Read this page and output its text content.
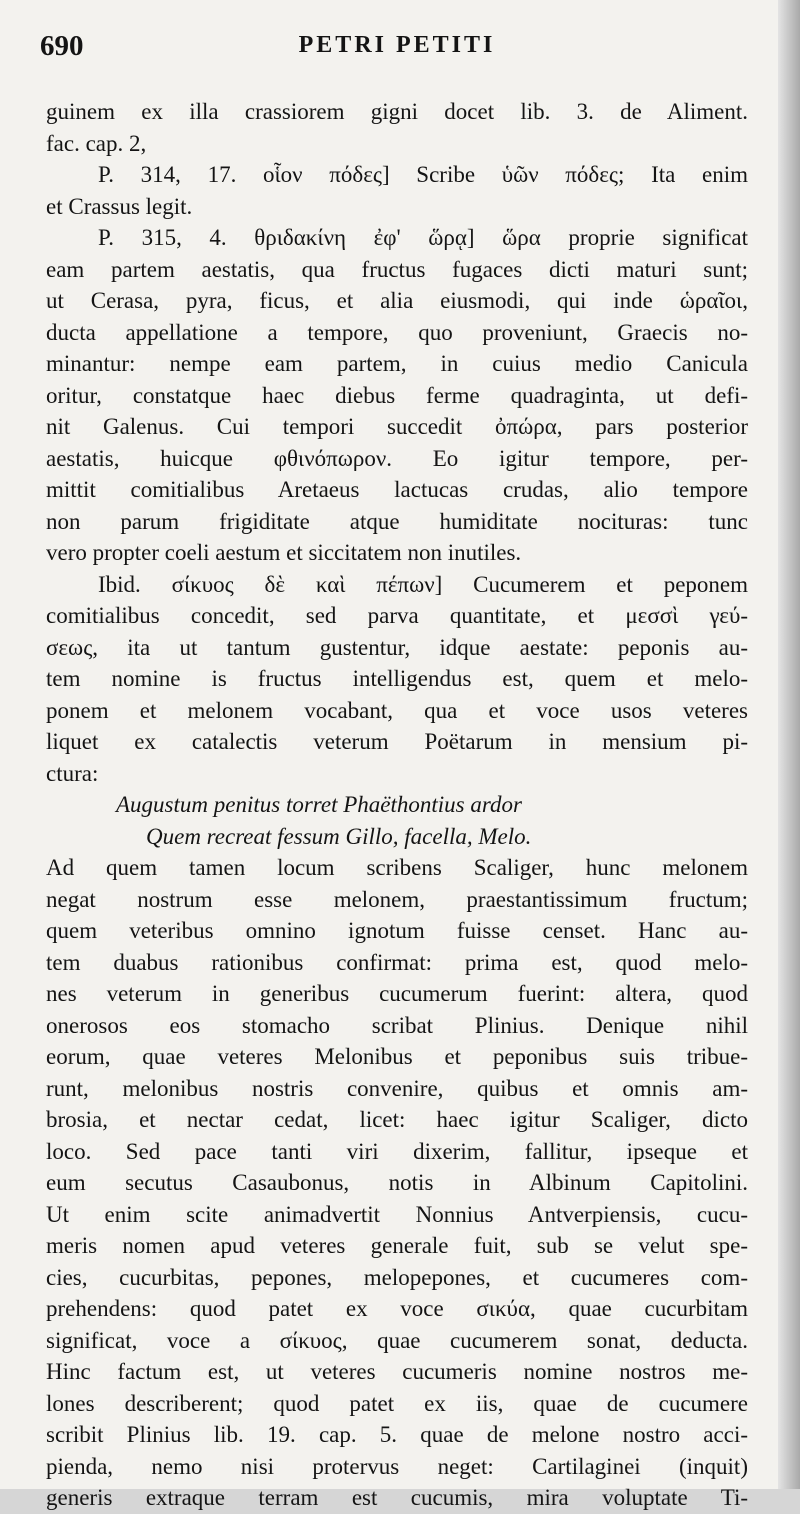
690	PETRI PETITI
guinem ex illa crassiorem gigni docet lib. 3. de Aliment.
fac. cap. 2,
P. 314, 17. οἷον πόδες] Scribe ὑῶν πόδες; Ita enim
et Crassus legit.
P. 315, 4. θριδακίνη ἐφ' ὥρᾳ] ὥρα proprie significat
eam partem aestatis, qua fructus fugaces dicti maturi sunt;
ut Cerasa, pyra, ficus, et alia eiusmodi, qui inde ὡραῖοι,
ducta appellatione a tempore, quo proveniunt, Graecis no-
minantur: nempe eam partem, in cuius medio Canicula
oritur, constatque haec diebus ferme quadraginta, ut defi-
nit Galenus. Cui tempori succedit ὀπώρα, pars posterior
aestatis, huicque φθινόπωρον. Eo igitur tempore, per-
mittit comitialibus Aretaeus lactucas crudas, alio tempore
non parum frigiditate atque humiditate nocituras: tunc
vero propter coeli aestum et siccitatem non inutiles.
Ibid. σίκυος δὲ καὶ πέπων] Cucumerem et peponem
comitialibus concedit, sed parva quantitate, et μεσσὶ γεύ-
σεως, ita ut tantum gustentur, idque aestate: peponis au-
tem nomine is fructus intelligendus est, quem et melo-
ponem et melonem vocabant, qua et voce usos veteres
liquet ex catalectis veterum Poëtarum in mensium pi-
ctura:
Augustum penitus torret Phaëthontius ardor
Quem recreat fessum Gillo, facella, Melo.
Ad quem tamen locum scribens Scaliger, hunc melonem
negat nostrum esse melonem, praestantissimum fructum;
quem veteribus omnino ignotum fuisse censet. Hanc au-
tem duabus rationibus confirmat: prima est, quod melo-
nes veterum in generibus cucumerum fuerint: altera, quod
onerosos eos stomacho scribat Plinius. Denique nihil
eorum, quae veteres Melonibus et peponibus suis tribue-
runt, melonibus nostris convenire, quibus et omnis am-
brosia, et nectar cedat, licet: haec igitur Scaliger, dicto
loco. Sed pace tanti viri dixerim, fallitur, ipseque et
eum secutus Casaubonus, notis in Albinum Capitolini.
Ut enim scite animadvertit Nonnius Antverpiensis, cucu-
meris nomen apud veteres generale fuit, sub se velut spe-
cies, cucurbitas, pepones, melopepones, et cucumeres com-
prehendens: quod patet ex voce σικύα, quae cucurbitam
significat, voce a σίκυος, quae cucumerem sonat, deducta.
Hinc factum est, ut veteres cucumeris nomine nostros me-
lones describerent; quod patet ex iis, quae de cucumere
scribit Plinius lib. 19. cap. 5. quae de melone nostro acci-
pienda, nemo nisi protervus neget: Cartilaginei (inquit)
generis extraque terram est cucumis, mira voluptate Ti-
